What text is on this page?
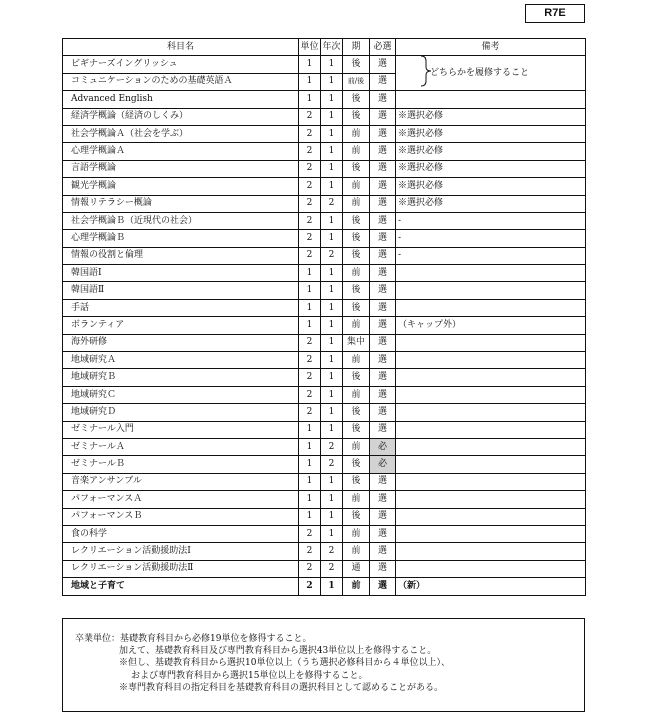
R7E
科目名	単位	年次	期	必選	備考
ビギナーズイングリッシュ	1	1	後	選	
コミュニケーションのための基礎英語Ａ	1	1	前/後	選	
Advanced English	1	1	後	選	
経済学概論（経済のしくみ）	2	1	後	選	※選択必修
社会学概論Ａ（社会を学ぶ）	2	1	前	選	※選択必修
心理学概論Ａ	2	1	前	選	※選択必修
言語学概論	2	1	後	選	※選択必修
観光学概論	2	1	前	選	※選択必修
情報リテラシー概論	2	2	前	選	※選択必修
社会学概論Ｂ（近現代の社会）	2	1	後	選	-
心理学概論Ｂ	2	1	後	選	-
情報の役割と倫理	2	2	後	選	-
韓国語Ⅰ	1	1	前	選	
韓国語Ⅱ	1	1	後	選	
手話	1	1	後	選	
ボランティア	1	1	前	選	（キャップ外）
海外研修	2	1	集中	選	
地域研究Ａ	2	1	前	選	
地域研究Ｂ	2	1	後	選	
地域研究Ｃ	2	1	前	選	
地域研究Ｄ	2	1	後	選	
ゼミナール入門	1	1	後	選	
ゼミナールＡ	1	2	前	必	
ゼミナールＢ	1	2	後	必	
音楽アンサンブル	1	1	後	選	
パフォーマンスＡ	1	1	前	選	
パフォーマンスＢ	1	1	後	選	
食の科学	2	1	前	選	
レクリエーション活動援助法Ⅰ	2	2	前	選	
レクリエーション活動援助法Ⅱ	2	2	通	選	
地域と子育て	2	1	前	選	（新）
どちらかを履修すること
卒業単位：基礎教育科目から必修19単位を修得すること。
加えて、基礎教育科目及び専門教育科目から選択43単位以上を修得すること。
※但し、基礎教育科目から選択10単位以上（うち選択必修科目から４単位以上）、
および専門教育科目から選択15単位以上を修得すること。
※専門教育科目の指定科目を基礎教育科目の選択科目として認めることがある。
